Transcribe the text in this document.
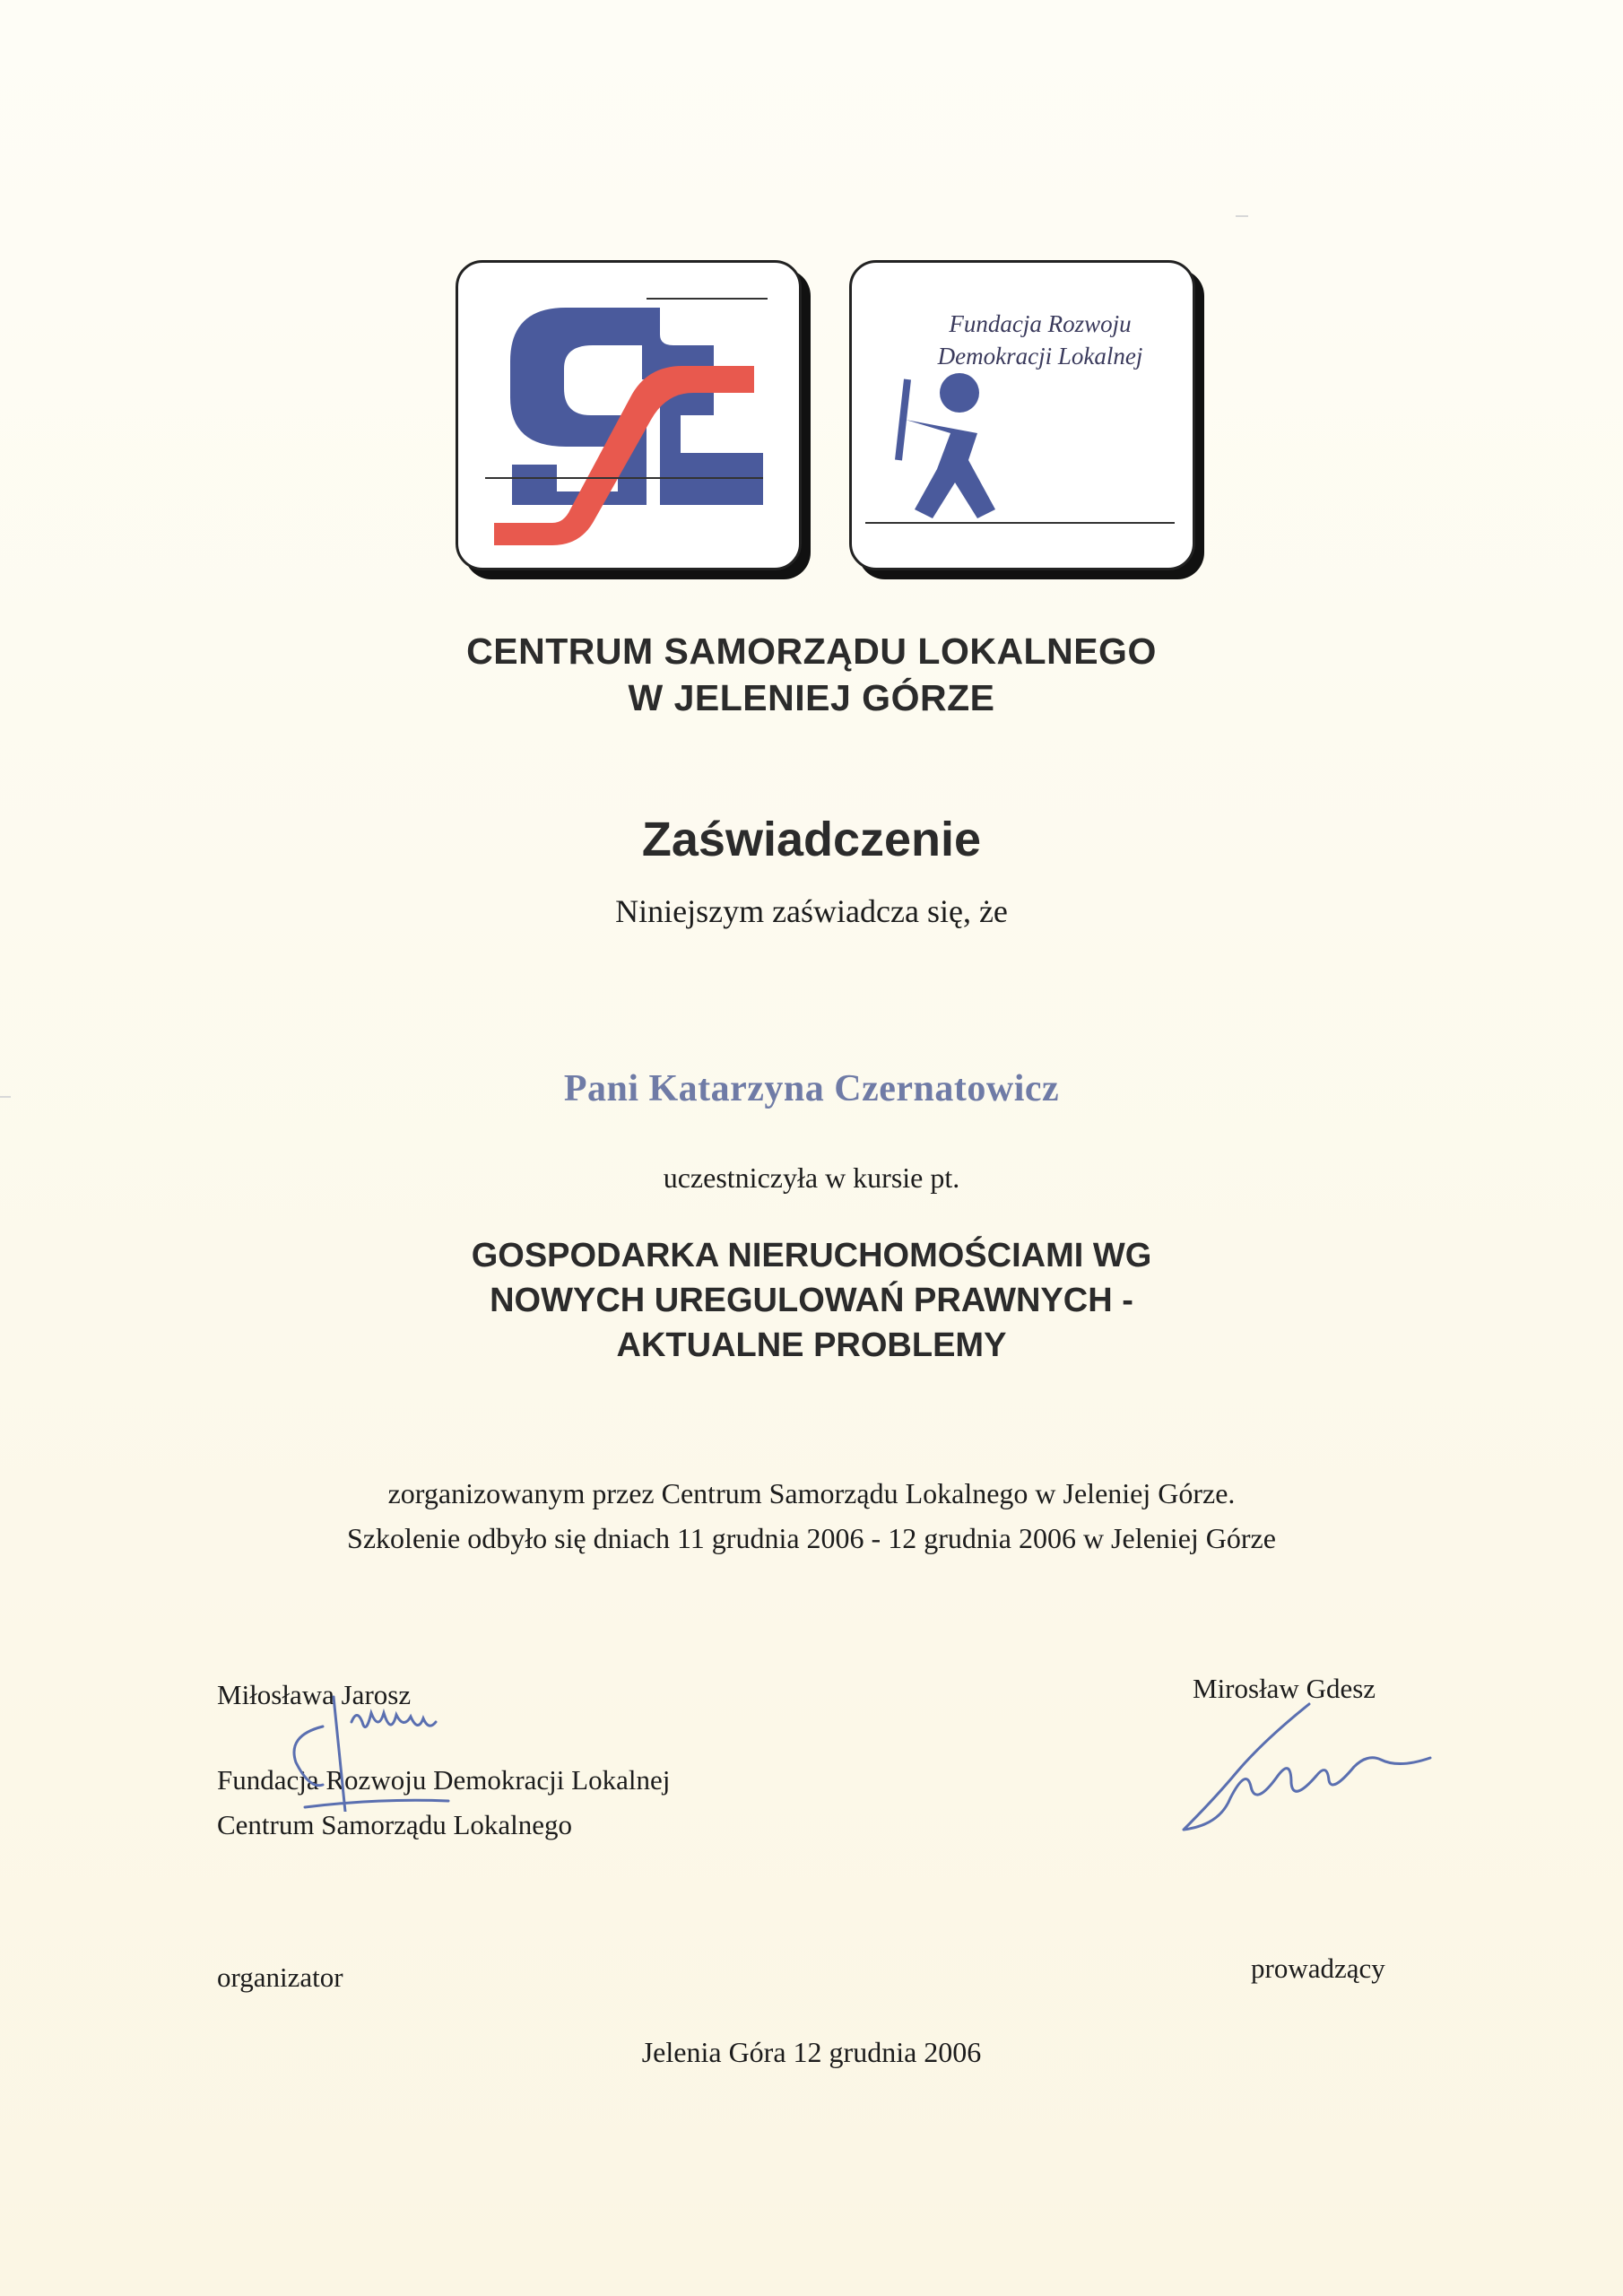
Fundacja Rozwoju
Demokracji Lokalnej
CENTRUM SAMORZĄDU LOKALNEGO
W JELENIEJ GÓRZE
Zaświadczenie
Niniejszym zaświadcza się, że
Pani Katarzyna Czernatowicz
uczestniczyła w kursie pt.
GOSPODARKA NIERUCHOMOŚCIAMI WG
NOWYCH UREGULOWAŃ PRAWNYCH -
AKTUALNE PROBLEMY
zorganizowanym przez Centrum Samorządu Lokalnego w Jeleniej Górze.
Szkolenie odbyło się dniach 11 grudnia 2006 - 12 grudnia 2006 w Jeleniej Górze
Miłosława Jarosz
Fundacja Rozwoju Demokracji Lokalnej
Centrum Samorządu Lokalnego
organizator
Mirosław Gdesz
prowadzący
Jelenia Góra 12 grudnia 2006
